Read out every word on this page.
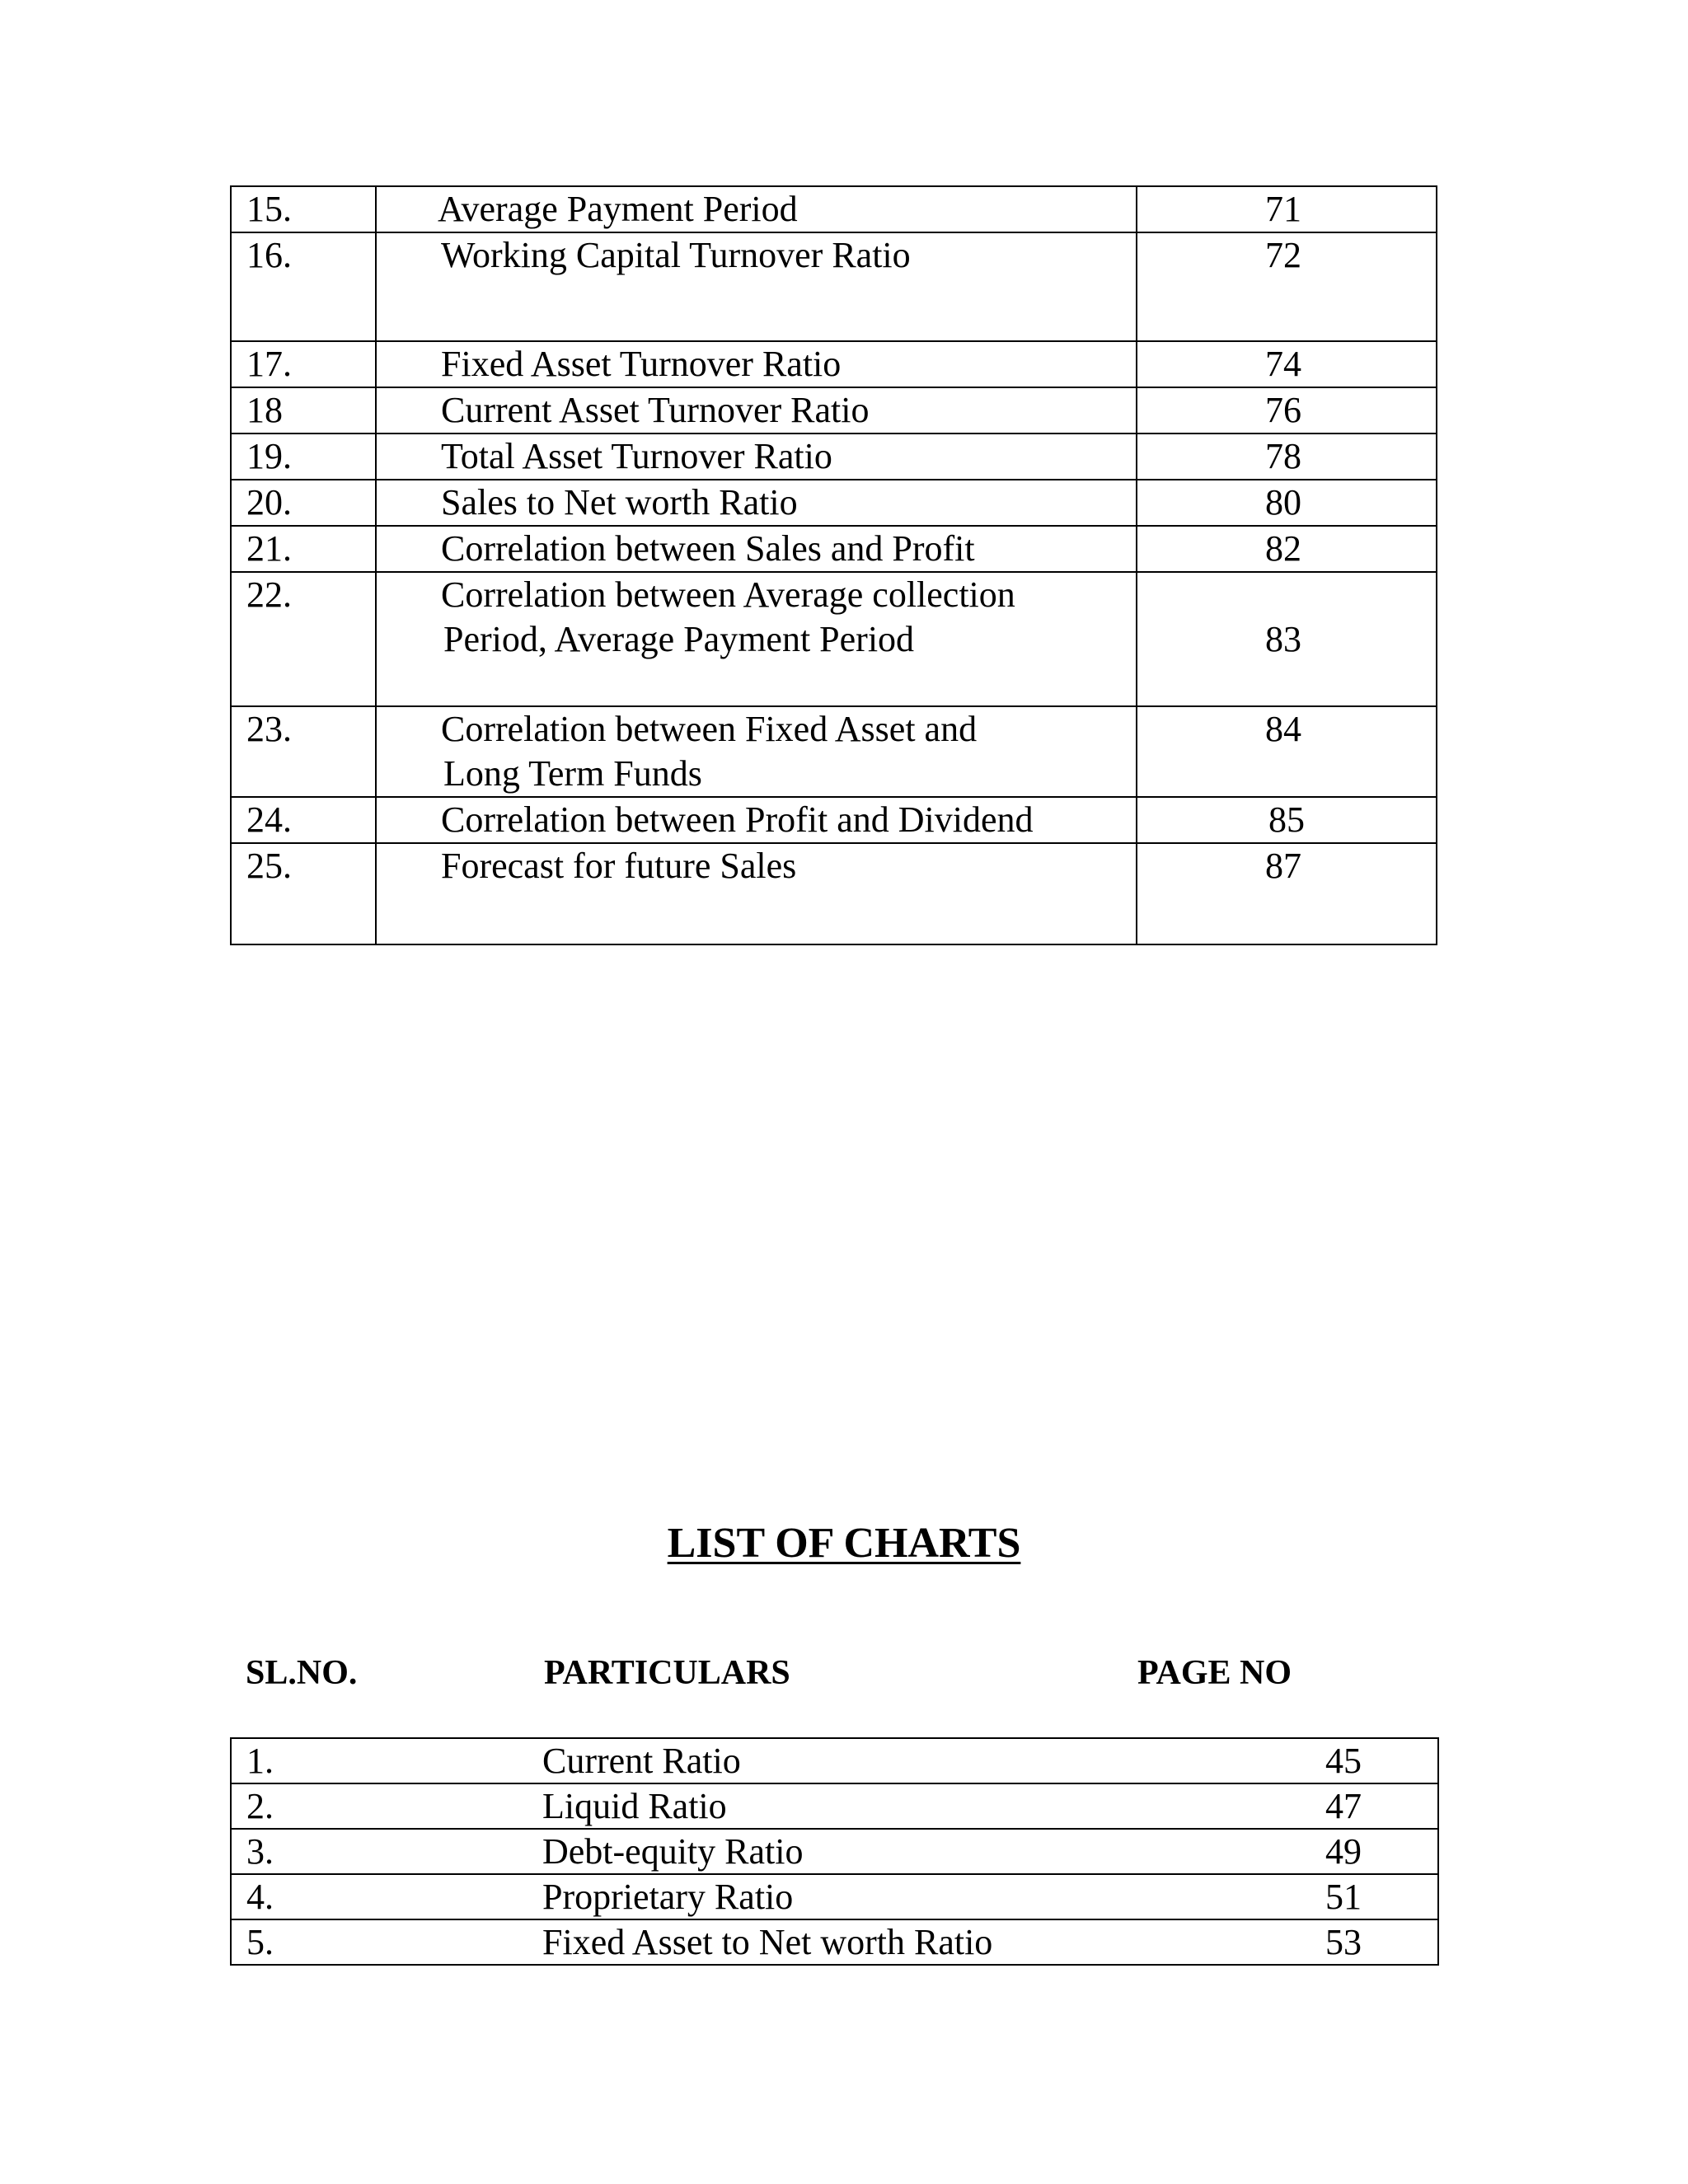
15.	Average Payment Period	71
16.	Working Capital Turnover Ratio	72
17.	Fixed Asset Turnover Ratio	74
18	Current Asset Turnover Ratio	76
19.	Total Asset Turnover Ratio	78
20.	Sales to Net worth Ratio	80
21.	Correlation between Sales and Profit	82
22.	Correlation between Average collection
Period, Average Payment Period	83
23.	Correlation between Fixed Asset and
Long Term Funds	84
24.	Correlation between Profit and Dividend	85
25.	Forecast for future Sales	87
LIST OF CHARTS
SL.NO.	PARTICULARS	PAGE NO
1.	Current Ratio	45
2.	Liquid Ratio	47
3.	Debt-equity Ratio	49
4.	Proprietary Ratio	51
5.	Fixed Asset to Net worth Ratio	53
